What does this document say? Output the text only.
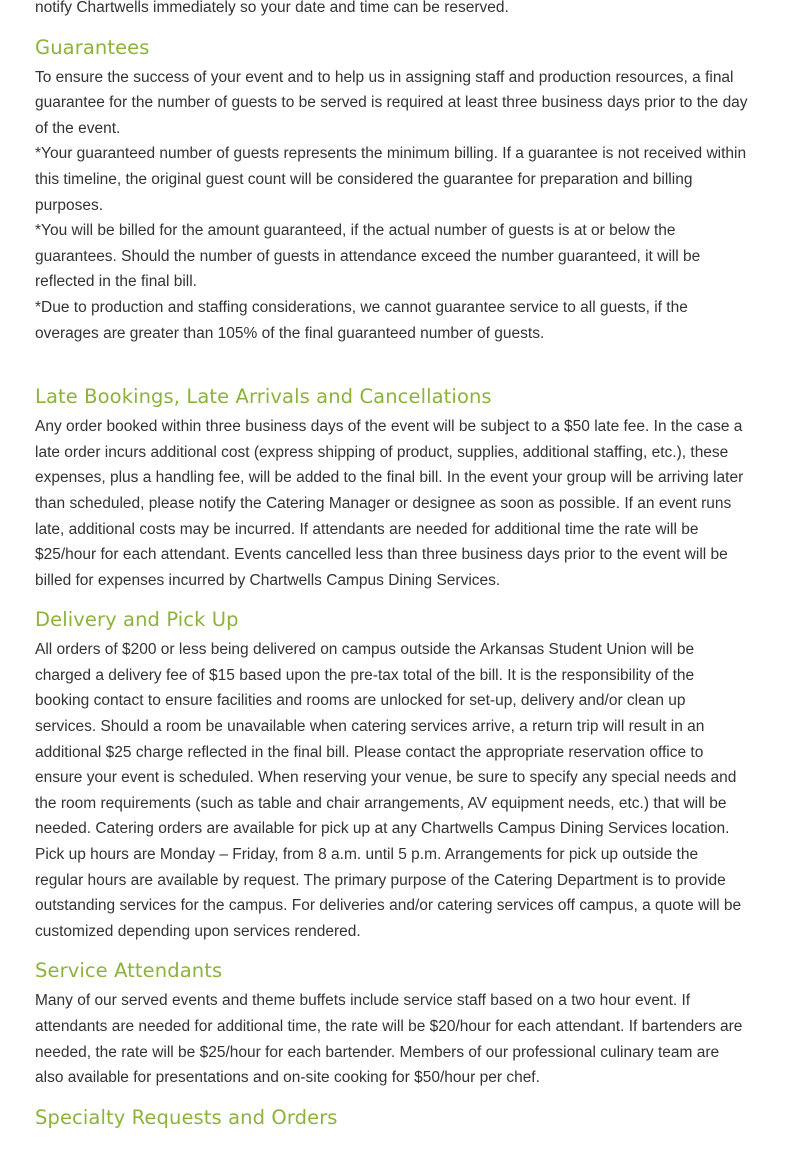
notify Chartwells immediately so your date and time can be reserved.

Guarantees

To ensure the success of your event and to help us in assigning staff and production resources, a final guarantee for the number of guests to be served is required at least three business days prior to the day of the event.

*Your guaranteed number of guests represents the minimum billing. If a guarantee is not received within this timeline, the original guest count will be considered the guarantee for preparation and billing purposes.

*You will be billed for the amount guaranteed, if the actual number of guests is at or below the guarantees. Should the number of guests in attendance exceed the number guaranteed, it will be reflected in the final bill.

*Due to production and staffing considerations, we cannot guarantee service to all guests, if the overages are greater than 105% of the final guaranteed number of guests.

Late Bookings, Late Arrivals and Cancellations

Any order booked within three business days of the event will be subject to a $50 late fee. In the case a late order incurs additional cost (express shipping of product, supplies, additional staffing, etc.), these expenses, plus a handling fee, will be added to the final bill. In the event your group will be arriving later than scheduled, please notify the Catering Manager or designee as soon as possible. If an event runs late, additional costs may be incurred. If attendants are needed for additional time the rate will be $25/hour for each attendant. Events cancelled less than three business days prior to the event will be billed for expenses incurred by Chartwells Campus Dining Services.

Delivery and Pick Up

All orders of $200 or less being delivered on campus outside the Arkansas Student Union will be charged a delivery fee of $15 based upon the pre-tax total of the bill. It is the responsibility of the booking contact to ensure facilities and rooms are unlocked for set-up, delivery and/or clean up services. Should a room be unavailable when catering services arrive, a return trip will result in an additional $25 charge reflected in the final bill. Please contact the appropriate reservation office to ensure your event is scheduled. When reserving your venue, be sure to specify any special needs and the room requirements (such as table and chair arrangements, AV equipment needs, etc.) that will be needed. Catering orders are available for pick up at any Chartwells Campus Dining Services location. Pick up hours are Monday – Friday, from 8 a.m. until 5 p.m. Arrangements for pick up outside the regular hours are available by request. The primary purpose of the Catering Department is to provide outstanding services for the campus. For deliveries and/or catering services off campus, a quote will be customized depending upon services rendered.

Service Attendants

Many of our served events and theme buffets include service staff based on a two hour event. If attendants are needed for additional time, the rate will be $20/hour for each attendant. If bartenders are needed, the rate will be $25/hour for each bartender. Members of our professional culinary team are also available for presentations and on-site cooking for $50/hour per chef.

Specialty Requests and Orders
